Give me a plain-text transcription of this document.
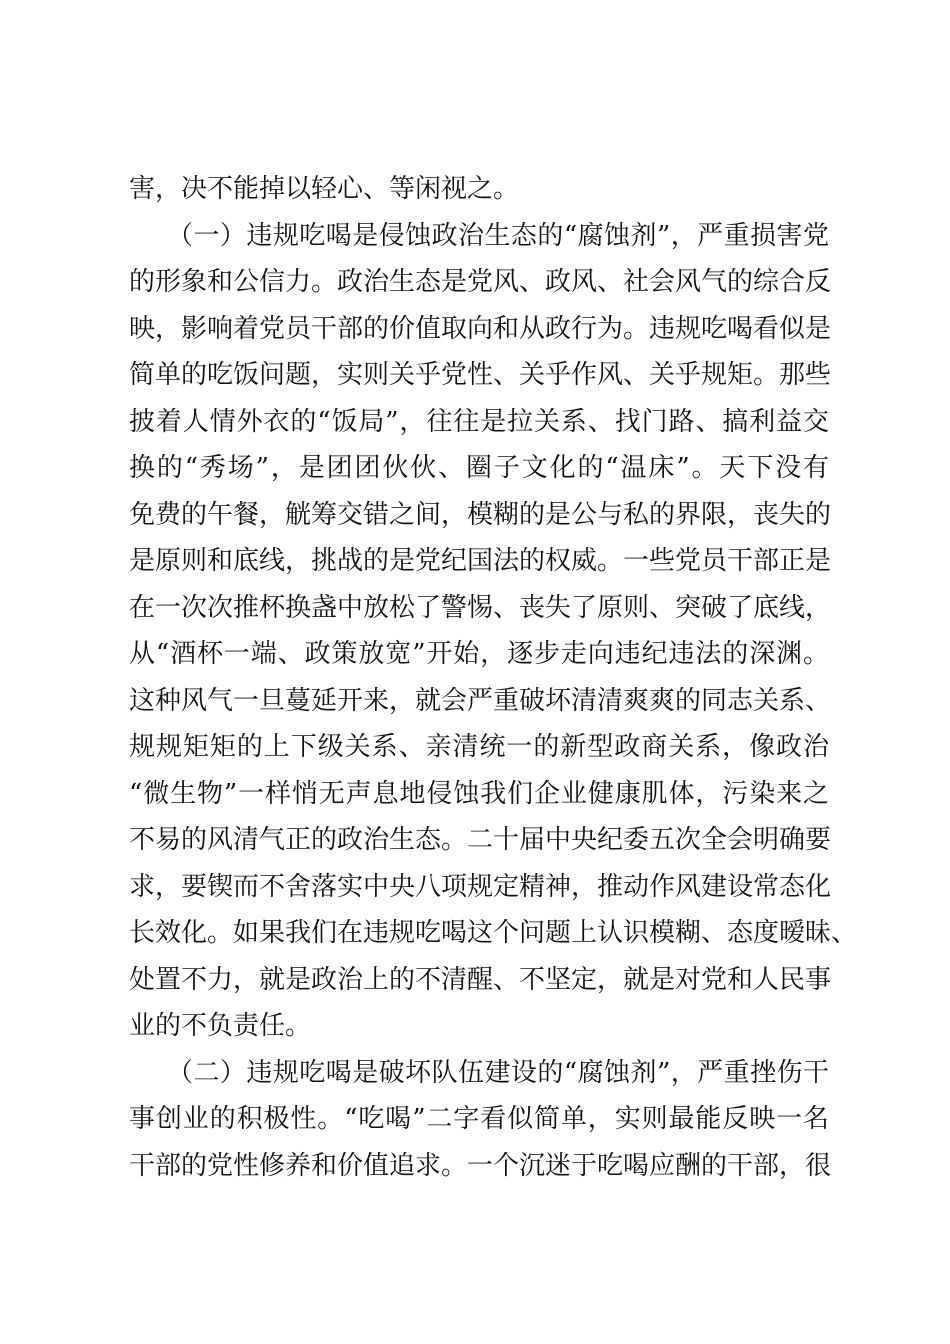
害，决不能掉以轻心、等闲视之。
（一）违规吃喝是侵蚀政治生态的“腐蚀剂”，严重损害党
的形象和公信力。政治生态是党风、政风、社会风气的综合反
映，影响着党员干部的价值取向和从政行为。违规吃喝看似是
简单的吃饭问题，实则关乎党性、关乎作风、关乎规矩。那些
披着人情外衣的“饭局”，往往是拉关系、找门路、搞利益交
换的“秀场”，是团团伙伙、圈子文化的“温床”。天下没有
免费的午餐，觥筹交错之间，模糊的是公与私的界限，丧失的
是原则和底线，挑战的是党纪国法的权威。一些党员干部正是
在一次次推杯换盏中放松了警惕、丧失了原则、突破了底线，
从“酒杯一端、政策放宽”开始，逐步走向违纪违法的深渊。
这种风气一旦蔓延开来，就会严重破坏清清爽爽的同志关系、
规规矩矩的上下级关系、亲清统一的新型政商关系，像政治
“微生物”一样悄无声息地侵蚀我们企业健康肌体，污染来之
不易的风清气正的政治生态。二十届中央纪委五次全会明确要
求，要锲而不舍落实中央八项规定精神，推动作风建设常态化
长效化。如果我们在违规吃喝这个问题上认识模糊、态度暧昧、
处置不力，就是政治上的不清醒、不坚定，就是对党和人民事
业的不负责任。
（二）违规吃喝是破坏队伍建设的“腐蚀剂”，严重挫伤干
事创业的积极性。“吃喝”二字看似简单，实则最能反映一名
干部的党性修养和价值追求。一个沉迷于吃喝应酬的干部，很
